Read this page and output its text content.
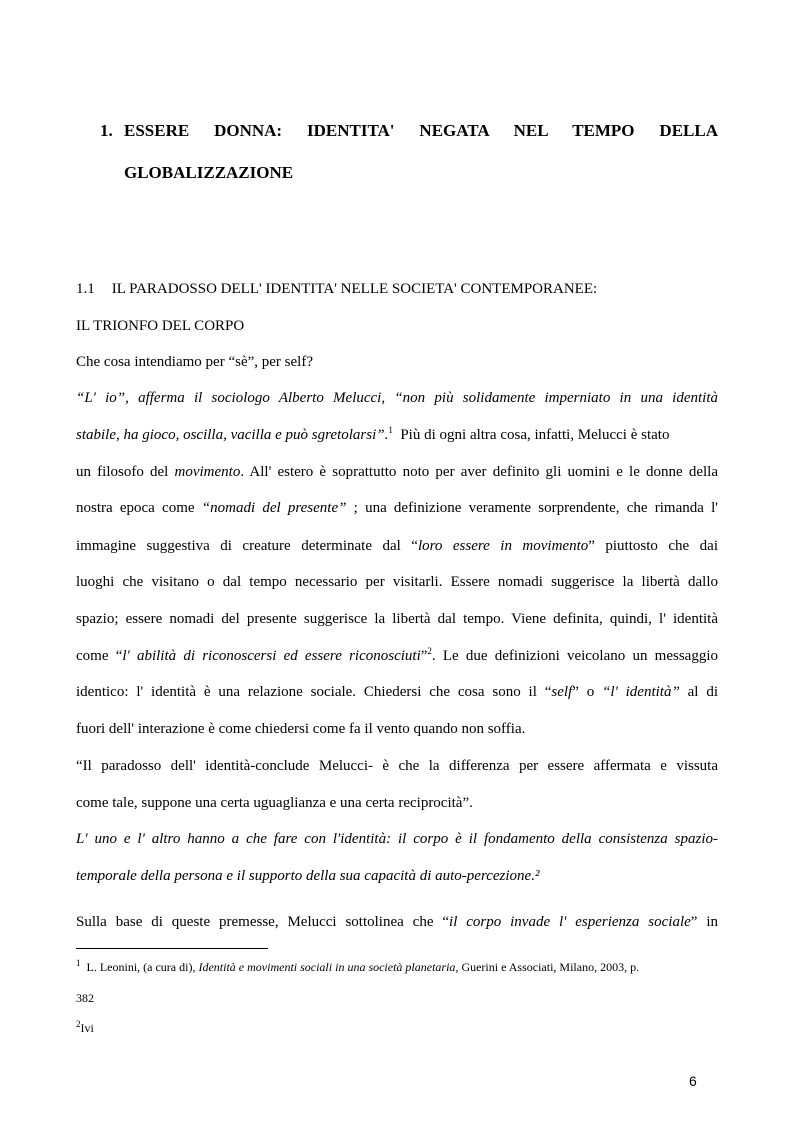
1. ESSERE DONNA: IDENTITA' NEGATA NEL TEMPO DELLA
GLOBALIZZAZIONE
1.1 IL PARADOSSO DELL' IDENTITA' NELLE SOCIETA' CONTEMPORANEE:
IL TRIONFO DEL CORPO
Che cosa intendiamo per “sè”, per self?
“L' io”, afferma il sociologo Alberto Melucci, “non più solidamente imperniato in una identità
stabile, ha gioco, oscilla, vacilla e può sgretolarsi”.$^1$  Più di ogni altra cosa, infatti, Melucci è stato
un filosofo del movimento. All' estero è soprattutto noto per aver definito gli uomini e le donne della
nostra epoca come “nomadi del presente” ; una definizione veramente sorprendente, che rimanda l'
immagine suggestiva di creature determinate dal “loro essere in movimento” piuttosto che dai
luoghi che visitano o dal tempo necessario per visitarli. Essere nomadi suggerisce la libertà dallo
spazio; essere nomadi del presente suggerisce la libertà dal tempo. Viene definita, quindi, l' identità
come “l' abilità di riconoscersi ed essere riconosciuti”$^2$. Le due definizioni veicolano un messaggio
identico: l' identità è una relazione sociale. Chiedersi che cosa sono il “self” o “l' identità” al di
fuori dell' interazione è come chiedersi come fa il vento quando non soffia.
“Il paradosso dell' identità-conclude Melucci- è che la differenza per essere affermata e vissuta
come tale, suppone una certa uguaglianza e una certa reciprocità”.
L' uno e l' altro hanno a che fare con l'identità: il corpo è il fondamento della consistenza spazio-
temporale della persona e il supporto della sua capacità di auto-percezione.²
Sulla base di queste premesse, Melucci sottolinea che “il corpo invade l' esperienza sociale” in
$^1$  L. Leonini, (a cura di), Identità e movimenti sociali in una società planetaria, Guerini e Associati, Milano, 2003, p.
382
$^2$Ivi
6
